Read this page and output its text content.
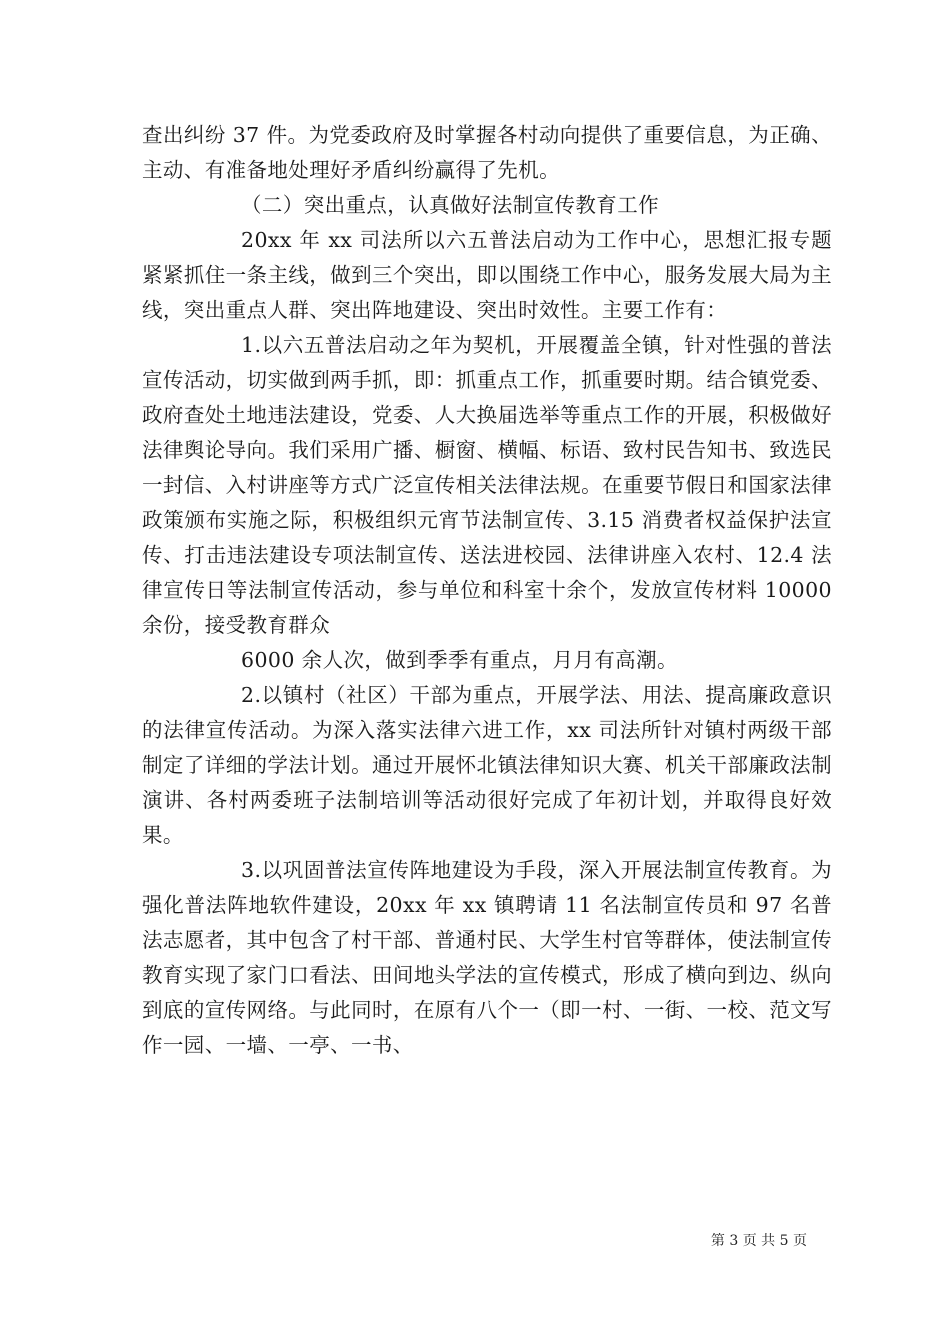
查出纠纷 37 件。为党委政府及时掌握各村动向提供了重要信息，为正确、主动、有准备地处理好矛盾纠纷赢得了先机。

（二）突出重点，认真做好法制宣传教育工作

20xx 年 xx 司法所以六五普法启动为工作中心，思想汇报专题紧紧抓住一条主线，做到三个突出，即以围绕工作中心，服务发展大局为主线，突出重点人群、突出阵地建设、突出时效性。主要工作有：

1.以六五普法启动之年为契机，开展覆盖全镇，针对性强的普法宣传活动，切实做到两手抓，即：抓重点工作，抓重要时期。结合镇党委、政府查处土地违法建设，党委、人大换届选举等重点工作的开展，积极做好法律舆论导向。我们采用广播、橱窗、横幅、标语、致村民告知书、致选民一封信、入村讲座等方式广泛宣传相关法律法规。在重要节假日和国家法律政策颁布实施之际，积极组织元宵节法制宣传、3.15 消费者权益保护法宣传、打击违法建设专项法制宣传、送法进校园、法律讲座入农村、12.4 法律宣传日等法制宣传活动，参与单位和科室十余个，发放宣传材料 10000 余份，接受教育群众

6000 余人次，做到季季有重点，月月有高潮。

2.以镇村（社区）干部为重点，开展学法、用法、提高廉政意识的法律宣传活动。为深入落实法律六进工作，xx 司法所针对镇村两级干部制定了详细的学法计划。通过开展怀北镇法律知识大赛、机关干部廉政法制演讲、各村两委班子法制培训等活动很好完成了年初计划，并取得良好效果。

3.以巩固普法宣传阵地建设为手段，深入开展法制宣传教育。为强化普法阵地软件建设，20xx 年 xx 镇聘请 11 名法制宣传员和 97 名普法志愿者，其中包含了村干部、普通村民、大学生村官等群体，使法制宣传教育实现了家门口看法、田间地头学法的宣传模式，形成了横向到边、纵向到底的宣传网络。与此同时，在原有八个一（即一村、一街、一校、范文写作一园、一墙、一亭、一书、

第 3 页 共 5 页
